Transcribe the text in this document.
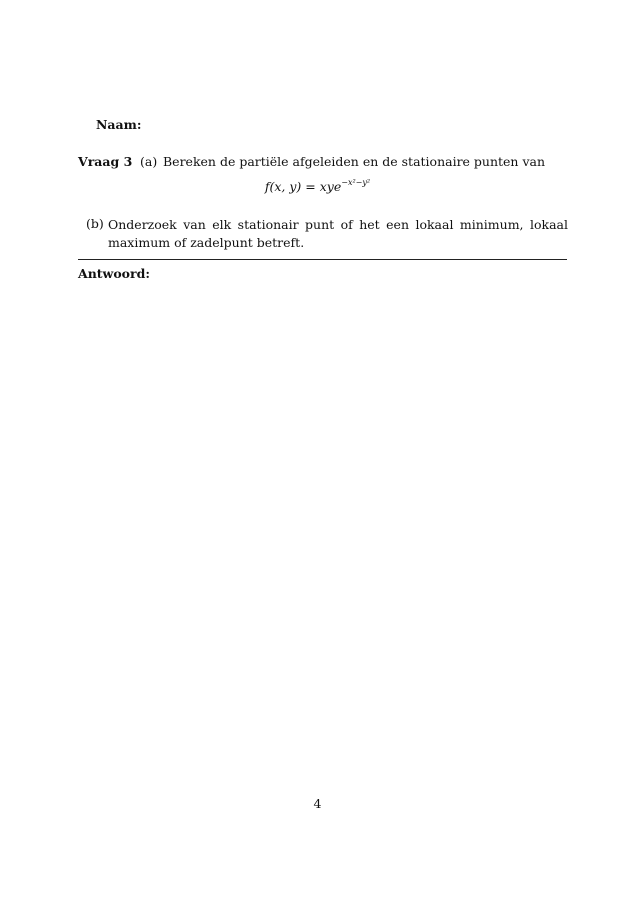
Naam:
Vraag 3 (a) Bereken de partiële afgeleiden en de stationaire punten van
f(x, y) = xye$^{-x^2-y^2}$
(b) Onderzoek van elk stationair punt of het een lokaal minimum, lokaal maximum of zadelpunt betreft.
Antwoord:
4
